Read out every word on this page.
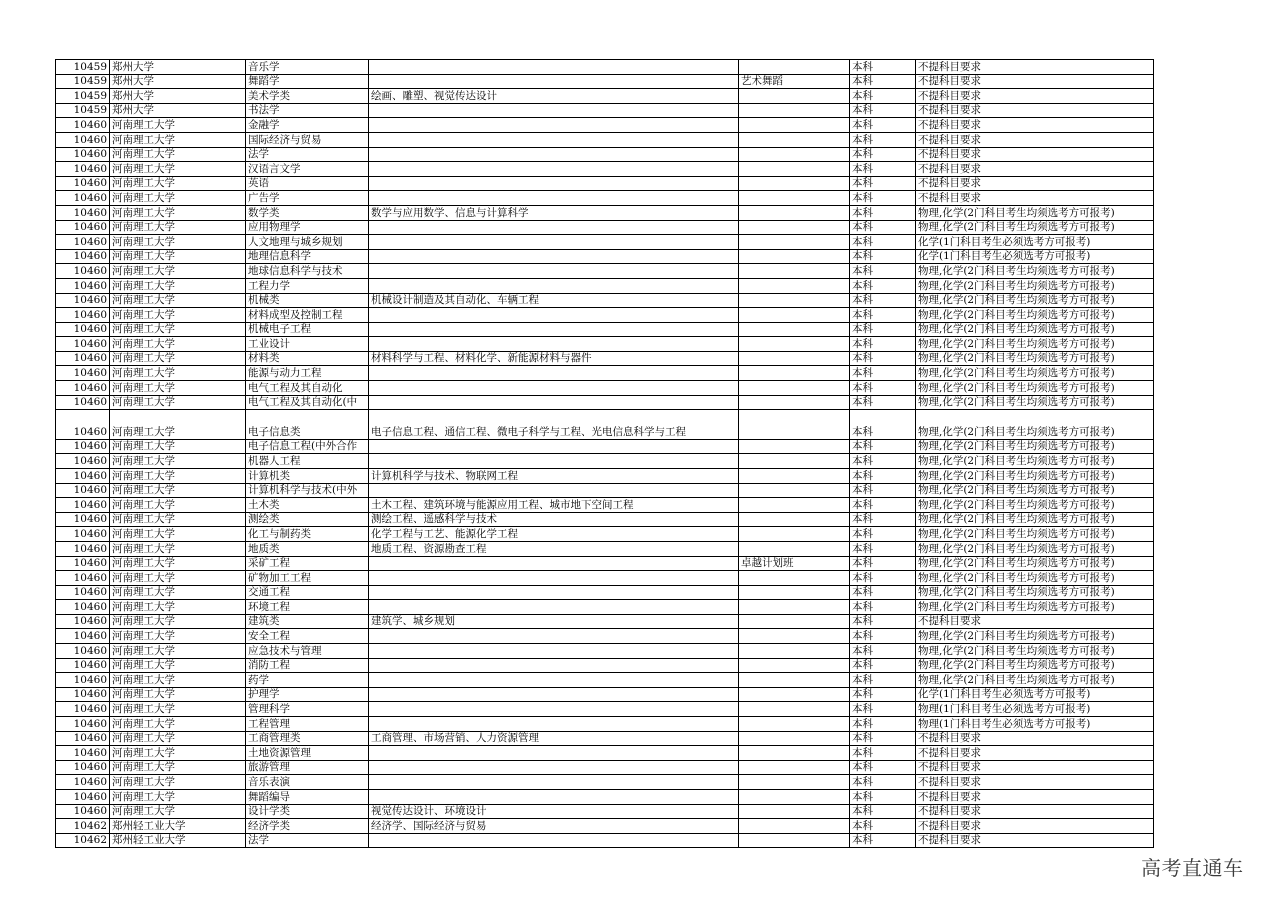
10459	郑州大学	音乐学			本科	不提科目要求
10459	郑州大学	舞蹈学		艺术舞蹈	本科	不提科目要求
10459	郑州大学	美术学类	绘画、雕塑、视觉传达设计		本科	不提科目要求
10459	郑州大学	书法学			本科	不提科目要求
10460	河南理工大学	金融学			本科	不提科目要求
10460	河南理工大学	国际经济与贸易			本科	不提科目要求
10460	河南理工大学	法学			本科	不提科目要求
10460	河南理工大学	汉语言文学			本科	不提科目要求
10460	河南理工大学	英语			本科	不提科目要求
10460	河南理工大学	广告学			本科	不提科目要求
10460	河南理工大学	数学类	数学与应用数学、信息与计算科学		本科	物理,化学(2门科目考生均须选考方可报考)
10460	河南理工大学	应用物理学			本科	物理,化学(2门科目考生均须选考方可报考)
10460	河南理工大学	人文地理与城乡规划			本科	化学(1门科目考生必须选考方可报考)
10460	河南理工大学	地理信息科学			本科	化学(1门科目考生必须选考方可报考)
10460	河南理工大学	地球信息科学与技术			本科	物理,化学(2门科目考生均须选考方可报考)
10460	河南理工大学	工程力学			本科	物理,化学(2门科目考生均须选考方可报考)
10460	河南理工大学	机械类	机械设计制造及其自动化、车辆工程		本科	物理,化学(2门科目考生均须选考方可报考)
10460	河南理工大学	材料成型及控制工程			本科	物理,化学(2门科目考生均须选考方可报考)
10460	河南理工大学	机械电子工程			本科	物理,化学(2门科目考生均须选考方可报考)
10460	河南理工大学	工业设计			本科	物理,化学(2门科目考生均须选考方可报考)
10460	河南理工大学	材料类	材料科学与工程、材料化学、新能源材料与器件		本科	物理,化学(2门科目考生均须选考方可报考)
10460	河南理工大学	能源与动力工程			本科	物理,化学(2门科目考生均须选考方可报考)
10460	河南理工大学	电气工程及其自动化			本科	物理,化学(2门科目考生均须选考方可报考)
10460	河南理工大学	电气工程及其自动化(中			本科	物理,化学(2门科目考生均须选考方可报考)
10460	河南理工大学	电子信息类	电子信息工程、通信工程、微电子科学与工程、光电信息科学与工程		本科	物理,化学(2门科目考生均须选考方可报考)
10460	河南理工大学	电子信息工程(中外合作			本科	物理,化学(2门科目考生均须选考方可报考)
10460	河南理工大学	机器人工程			本科	物理,化学(2门科目考生均须选考方可报考)
10460	河南理工大学	计算机类	计算机科学与技术、物联网工程		本科	物理,化学(2门科目考生均须选考方可报考)
10460	河南理工大学	计算机科学与技术(中外			本科	物理,化学(2门科目考生均须选考方可报考)
10460	河南理工大学	土木类	土木工程、建筑环境与能源应用工程、城市地下空间工程		本科	物理,化学(2门科目考生均须选考方可报考)
10460	河南理工大学	测绘类	测绘工程、遥感科学与技术		本科	物理,化学(2门科目考生均须选考方可报考)
10460	河南理工大学	化工与制药类	化学工程与工艺、能源化学工程		本科	物理,化学(2门科目考生均须选考方可报考)
10460	河南理工大学	地质类	地质工程、资源勘查工程		本科	物理,化学(2门科目考生均须选考方可报考)
10460	河南理工大学	采矿工程		卓越计划班	本科	物理,化学(2门科目考生均须选考方可报考)
10460	河南理工大学	矿物加工工程			本科	物理,化学(2门科目考生均须选考方可报考)
10460	河南理工大学	交通工程			本科	物理,化学(2门科目考生均须选考方可报考)
10460	河南理工大学	环境工程			本科	物理,化学(2门科目考生均须选考方可报考)
10460	河南理工大学	建筑类	建筑学、城乡规划		本科	不提科目要求
10460	河南理工大学	安全工程			本科	物理,化学(2门科目考生均须选考方可报考)
10460	河南理工大学	应急技术与管理			本科	物理,化学(2门科目考生均须选考方可报考)
10460	河南理工大学	消防工程			本科	物理,化学(2门科目考生均须选考方可报考)
10460	河南理工大学	药学			本科	物理,化学(2门科目考生均须选考方可报考)
10460	河南理工大学	护理学			本科	化学(1门科目考生必须选考方可报考)
10460	河南理工大学	管理科学			本科	物理(1门科目考生必须选考方可报考)
10460	河南理工大学	工程管理			本科	物理(1门科目考生必须选考方可报考)
10460	河南理工大学	工商管理类	工商管理、市场营销、人力资源管理		本科	不提科目要求
10460	河南理工大学	土地资源管理			本科	不提科目要求
10460	河南理工大学	旅游管理			本科	不提科目要求
10460	河南理工大学	音乐表演			本科	不提科目要求
10460	河南理工大学	舞蹈编导			本科	不提科目要求
10460	河南理工大学	设计学类	视觉传达设计、环境设计		本科	不提科目要求
10462	郑州轻工业大学	经济学类	经济学、国际经济与贸易		本科	不提科目要求
10462	郑州轻工业大学	法学			本科	不提科目要求
高考直通车
